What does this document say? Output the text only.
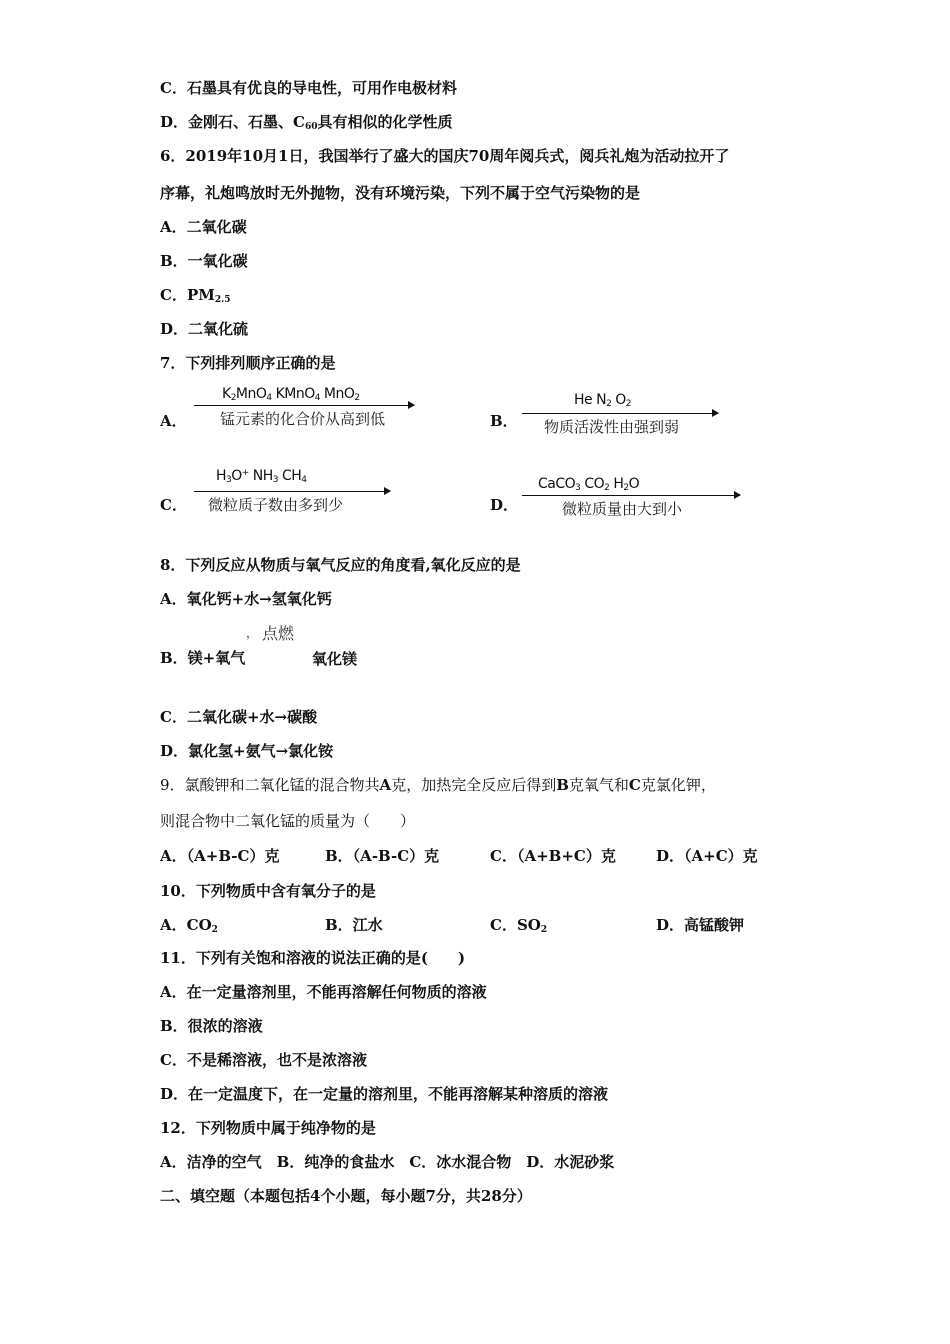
C．石墨具有优良的导电性，可用作电极材料
D．金刚石、石墨、$C_{60}$具有相似的化学性质
6．2019年10月1日，我国举行了盛大的国庆70周年阅兵式，阅兵礼炮为活动拉开了
序幕，礼炮鸣放时无外抛物，没有环境污染，下列不属于空气污染物的是
A．二氧化碳
B．一氧化碳
C．$PM_{2.5}$
D．二氧化硫
7．下列排列顺序正确的是
A．
$K_2MnO_4$ KMnO$_4$ MnO$_2$
锰元素的化合价从高到低	B．
He $N_2$ $O_2$
物质活泼性由强到弱
C．
$H_3O^+$ $NH_3$ $CH_4$
微粒质子数由多到少	D．
CaCO$_3$ $CO_2$ $H_2O$
微粒质量由大到小
8．下列反应从物质与氧气反应的角度看,氧化反应的是
A．氧化钙+水→氢氧化钙
， 点燃
B．镁+氧气	氧化镁
C．二氧化碳+水→碳酸
D．氯化氢+氨气→氯化铵
9．氯酸钾和二氧化锰的混合物共A克，加热完全反应后得到B克氧气和C克氯化钾，
则混合物中二氧化锰的质量为（　　）
A．（A+B-C）克	B．（A-B-C）克	C．（A+B+C）克	D．（A+C）克
10．下列物质中含有氧分子的是
A．$CO_2$	B．江水	C．$SO_2$	D．高锰酸钾
11．下列有关饱和溶液的说法正确的是(　　)
A．在一定量溶剂里，不能再溶解任何物质的溶液
B．很浓的溶液
C．不是稀溶液，也不是浓溶液
D．在一定温度下，在一定量的溶剂里，不能再溶解某种溶质的溶液
12．下列物质中属于纯净物的是
A．洁净的空气　B．纯净的食盐水　C．冰水混合物　D．水泥砂浆
二、填空题（本题包括4个小题，每小题7分，共28分）
